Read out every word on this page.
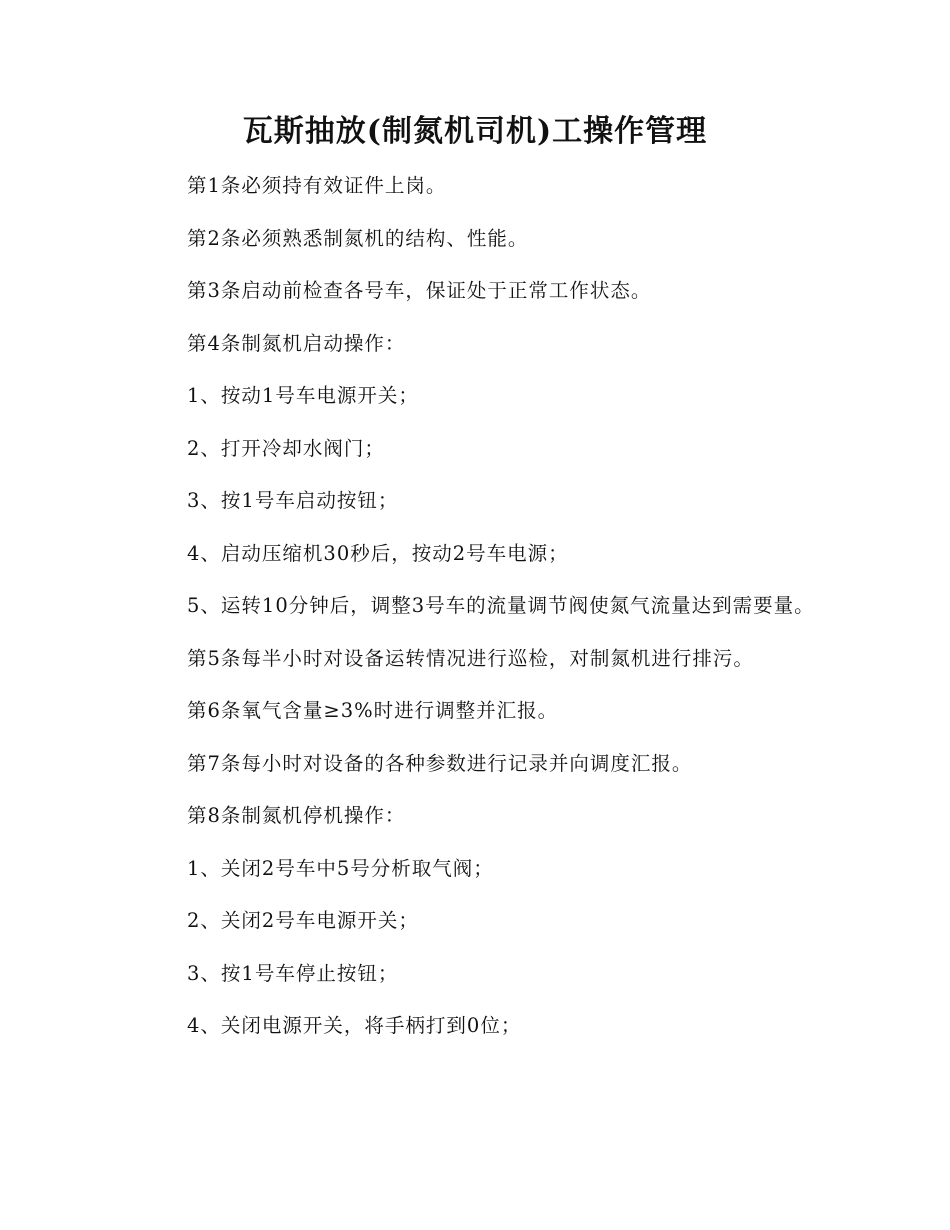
瓦斯抽放(制氮机司机)工操作管理

第1条必须持有效证件上岗。

第2条必须熟悉制氮机的结构、性能。

第3条启动前检查各号车，保证处于正常工作状态。

第4条制氮机启动操作：

1、按动1号车电源开关；

2、打开冷却水阀门；

3、按1号车启动按钮；

4、启动压缩机30秒后，按动2号车电源；

5、运转10分钟后，调整3号车的流量调节阀使氮气流量达到需要量。

第5条每半小时对设备运转情况进行巡检，对制氮机进行排污。

第6条氧气含量≥3%时进行调整并汇报。

第7条每小时对设备的各种参数进行记录并向调度汇报。

第8条制氮机停机操作：

1、关闭2号车中5号分析取气阀；

2、关闭2号车电源开关；

3、按1号车停止按钮；

4、关闭电源开关，将手柄打到0位；
